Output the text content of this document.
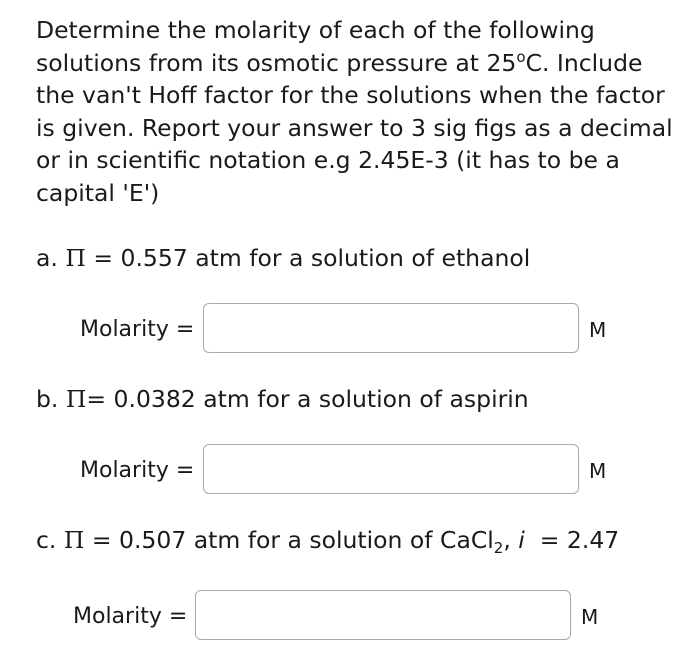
Determine the molarity of each of the following solutions from its osmotic pressure at 25$^o$C. Include the van't Hoff factor for the solutions when the factor is given. Report your answer to 3 sig figs as a decimal or in scientific notation e.g 2.45E-3 (it has to be a capital 'E')

a. Π = 0.557 atm for a solution of ethanol
Molarity =	M
b. Π= 0.0382 atm for a solution of aspirin
Molarity =	M
c. Π = 0.507 atm for a solution of CaCl$_2$, i  = 2.47
Molarity =	M
